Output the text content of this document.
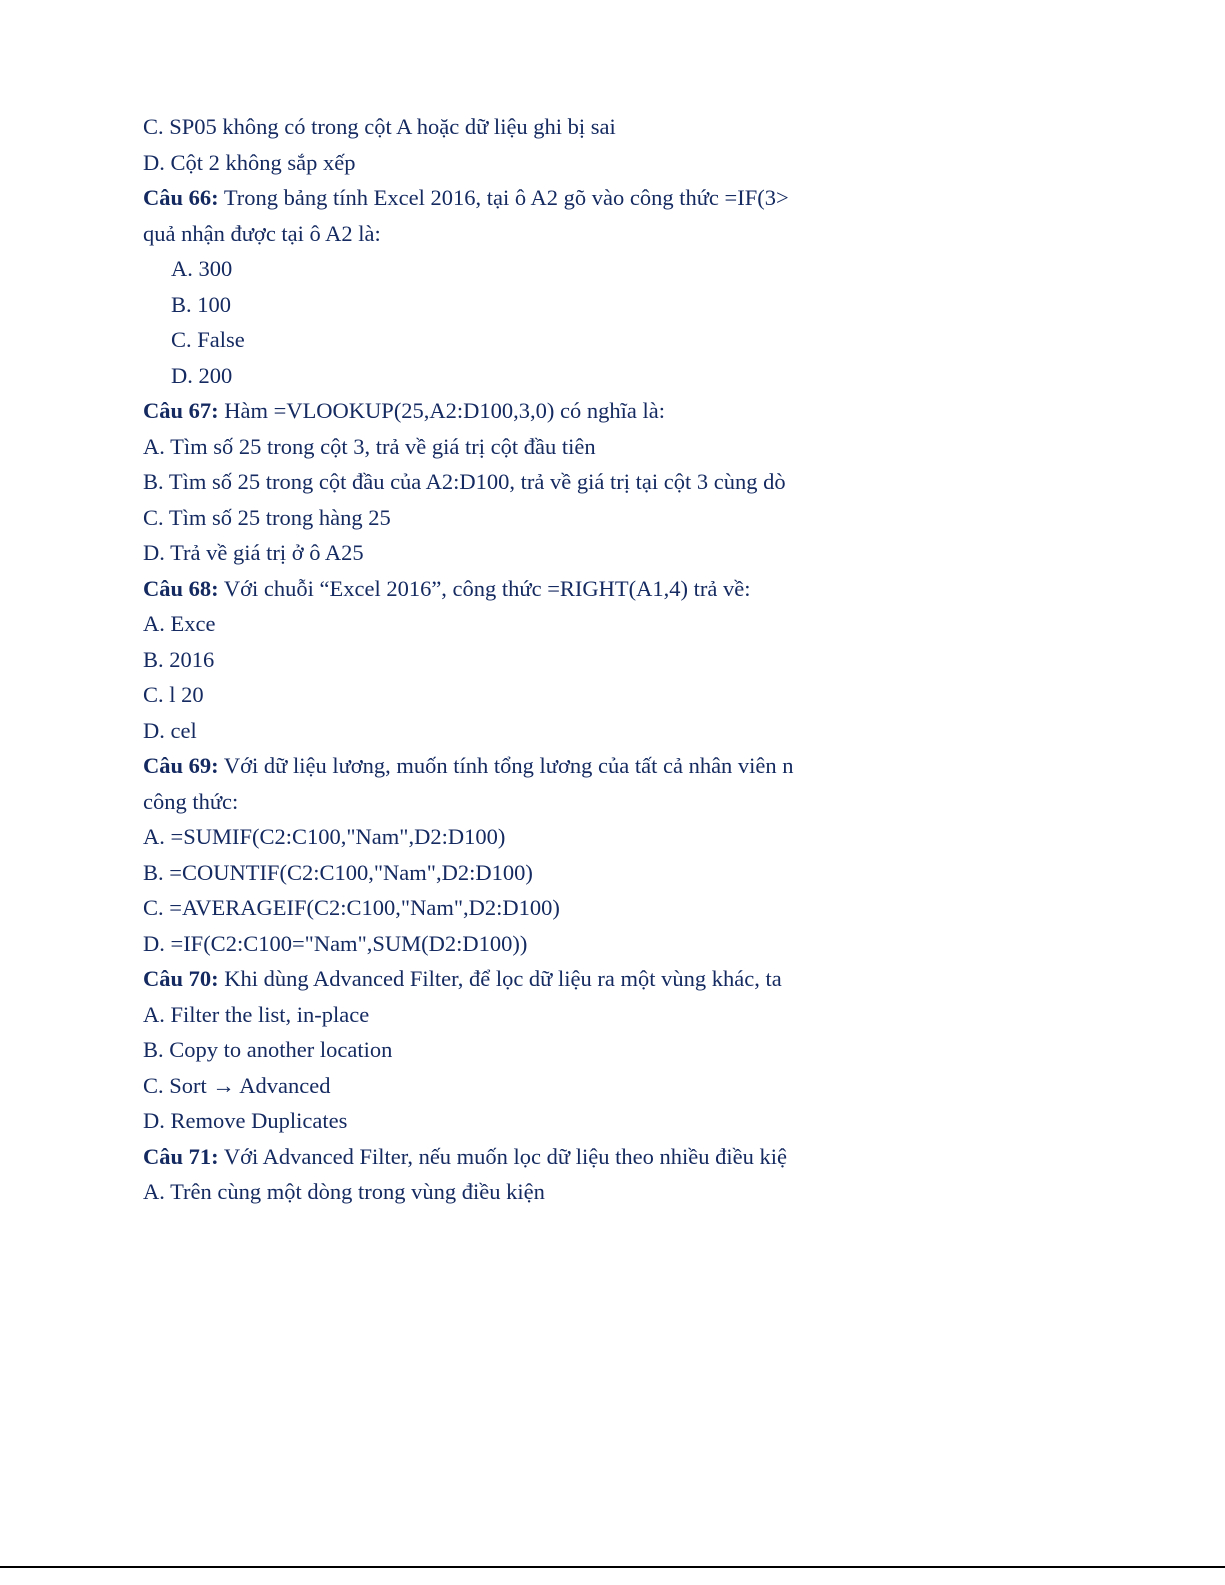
C. SP05 không có trong cột A hoặc dữ liệu ghi bị sai
D. Cột 2 không sắp xếp
Câu 66: Trong bảng tính Excel 2016, tại ô A2 gõ vào công thức =IF(3>
quả nhận được tại ô A2 là:
A. 300
B. 100
C. False
D. 200
Câu 67: Hàm =VLOOKUP(25,A2:D100,3,0) có nghĩa là:
A. Tìm số 25 trong cột 3, trả về giá trị cột đầu tiên
B. Tìm số 25 trong cột đầu của A2:D100, trả về giá trị tại cột 3 cùng dò
C. Tìm số 25 trong hàng 25
D. Trả về giá trị ở ô A25
Câu 68: Với chuỗi “Excel 2016”, công thức =RIGHT(A1,4) trả về:
A. Exce
B. 2016
C. l 20
D. cel
Câu 69: Với dữ liệu lương, muốn tính tổng lương của tất cả nhân viên n
công thức:
A. =SUMIF(C2:C100,"Nam",D2:D100)
B. =COUNTIF(C2:C100,"Nam",D2:D100)
C. =AVERAGEIF(C2:C100,"Nam",D2:D100)
D. =IF(C2:C100="Nam",SUM(D2:D100))
Câu 70: Khi dùng Advanced Filter, để lọc dữ liệu ra một vùng khác, ta
A. Filter the list, in-place
B. Copy to another location
C. Sort → Advanced
D. Remove Duplicates
Câu 71: Với Advanced Filter, nếu muốn lọc dữ liệu theo nhiều điều kiệ
A. Trên cùng một dòng trong vùng điều kiện
